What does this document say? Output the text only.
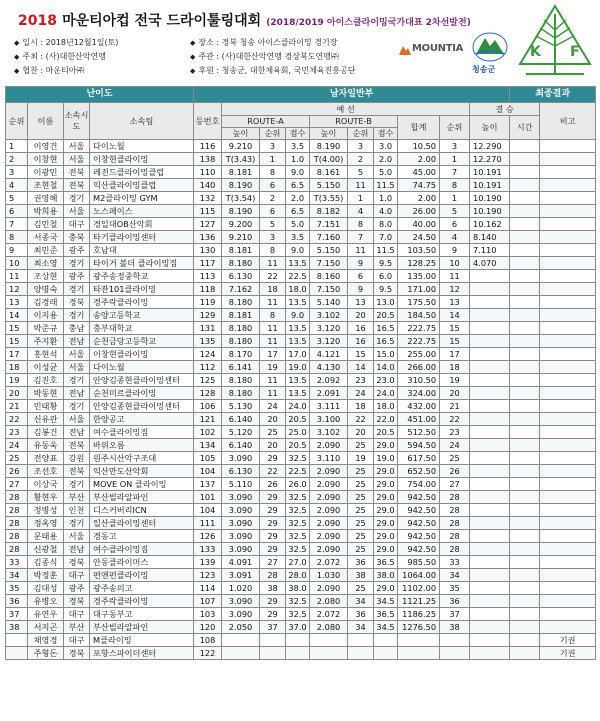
2018 마운티아컵 전국 드라이툴링대회 (2018/2019 아이스클라이밍국가대표 2차선발전)
◆ 일시 : 2018년12월1일(토)
◆ 주최 : (사)대한산악연맹
◆ 협찬 : 마운티아㈜
◆ 장소 : 경북 청송 아이스클라이밍 경기장
◆ 주관 : (사)대한산악연맹 경상북도연맹㈜
◆ 후원 : 청송군, 대한체육회, 국민체육진흥공단
MOUNTIA
청송군
K F
난이도				남자일반부										최종결과	
순위	이름	소속시도	소속팀	등번호	예 선								결 승		비고
					ROUTE-A			ROUTE-B			합계	순위	높이	시간	
					높이	순위	점수	높이	순위	점수					
1	이영건	서울	다이노월	116	9.210	3	3.5	8.190	3	3.0	10.50	3	12.290		
2	이창현	서울	이창현클라이밍	138	T(3.43)	1	1.0	T(4.00)	2	2.0	2.00	1	12.270		
3	이광민	전북	레전드클라이밍클럽	110	8.181	8	9.0	8.161	5	5.0	45.00	7	10.191		
4	조현철	전북	익산클라이밍클럽	140	8.190	6	6.5	5.150	11	11.5	74.75	8	10.191		
5	권영혜	경기	M2클라이밍 GYM	132	T(3.54)	2	2.0	T(3.55)	1	1.0	2.00	1	10.190		
6	박희용	서울	노스페이스	115	8.190	6	6.5	8.182	4	4.0	26.00	5	10.190		
7	김민철	대구	경일대OB산악회	127	9.200	5	5.0	7.151	8	8.0	40.00	6	10.162		
8	서종국	충북	타기클라이밍센터	136	9.210	3	3.5	7.160	7	7.0	24.50	4	8.140		
9	최민준	광주	호남대	130	8.181	8	9.0	5.150	11	11.5	103.50	9	7.110		
10	최소영	경기	타이거 볼더 클라이밍짐	117	8.180	11	13.5	7.150	9	9.5	128.25	10	4.070		
11	조상현	광주	광주송정중학교	113	6.130	22	22.5	8.160	6	6.0	135.00	11			
12	양명숙	경기	타잔101클라이밍	118	7.162	18	18.0	7.150	9	9.5	171.00	12			
13	김경래	경북	경주락클라이밍	119	8.180	11	13.5	5.140	13	13.0	175.50	13			
14	이지용	경기	송양고등학교	129	8.181	8	9.0	3.102	20	20.5	184.50	14			
15	박준규	충남	충부대학교	131	8.180	11	13.5	3.120	16	16.5	222.75	15			
15	주지환	전남	순천금당고등학교	135	8.180	11	13.5	3.120	16	16.5	222.75	15			
17	홍현석	서울	이창현클라이밍	124	8.170	17	17.0	4.121	15	15.0	255.00	17			
18	이성균	서울	다이노월	112	6.141	19	19.0	4.130	14	14.0	266.00	18			
19	김진호	경기	안양김종현클라이밍센터	125	8.180	11	13.5	2.092	23	23.0	310.50	19			
20	박동현	전남	순천미르클라이밍	128	8.180	11	13.5	2.091	24	24.0	324.00	20			
21	민태황	경기	안양김종현클라이밍센터	106	5.130	24	24.0	3.111	18	18.0	432.00	21			
22	신유관	서울	한양공고	121	6.140	20	20.5	3.100	22	22.0	451.00	22			
23	김봉건	전남	여수클라이밍짐	102	5.120	25	25.0	3.102	20	20.5	512.50	23			
24	유동욱	전북	바위오름	134	6.140	20	20.5	2.090	25	29.0	594.50	24			
25	전양표	강원	원주시산악구조대	105	3.090	29	32.5	3.110	19	19.0	617.50	25			
26	조선호	전북	익산만도산악회	104	6.130	22	22.5	2.090	25	29.0	652.50	26			
27	이상국	경기	MOVE ON 클라이밍	137	5.110	26	26.0	2.090	25	29.0	754.00	27			
28	황현우	부산	부산빌라알파인	101	3.090	29	32.5	2.090	25	29.0	942.50	28			
28	정병성	인천	디스커버리ICN	104	3.090	29	32.5	2.090	25	29.0	942.50	28			
28	정옥영	경기	일산클라이밍센터	111	3.090	29	32.5	2.090	25	29.0	942.50	28			
28	문태용	서울	경동고	126	3.090	29	32.5	2.090	25	29.0	942.50	28			
28	신광철	전남	여수클라이밍짐	133	3.090	29	32.5	2.090	25	29.0	942.50	28			
33	김종식	경북	안동클라이머스	139	4.091	27	27.0	2.072	36	36.5	985.50	33			
34	박정훈	대구	편앤펀클라이밍	123	3.091	28	28.0	1.030	38	38.0	1064.00	34			
35	김대성	광주	광주송의고	114	1.020	38	38.0	2.090	25	29.0	1102.00	35			
36	유병오	경북	경주락클라이밍	107	3.090	29	32.5	2.080	34	34.5	1121.25	36			
37	유연우	대구	대구동부고	103	3.090	29	32.5	2.072	36	36.5	1186.25	37			
38	서지곤	부산	부산빌라알파인	120	2.050	37	37.0	2.080	34	34.5	1276.50	38			
	채영경	대구	M클라이밍	108											기권
	주형돈	경북	포항스파이더센터	122											기권
